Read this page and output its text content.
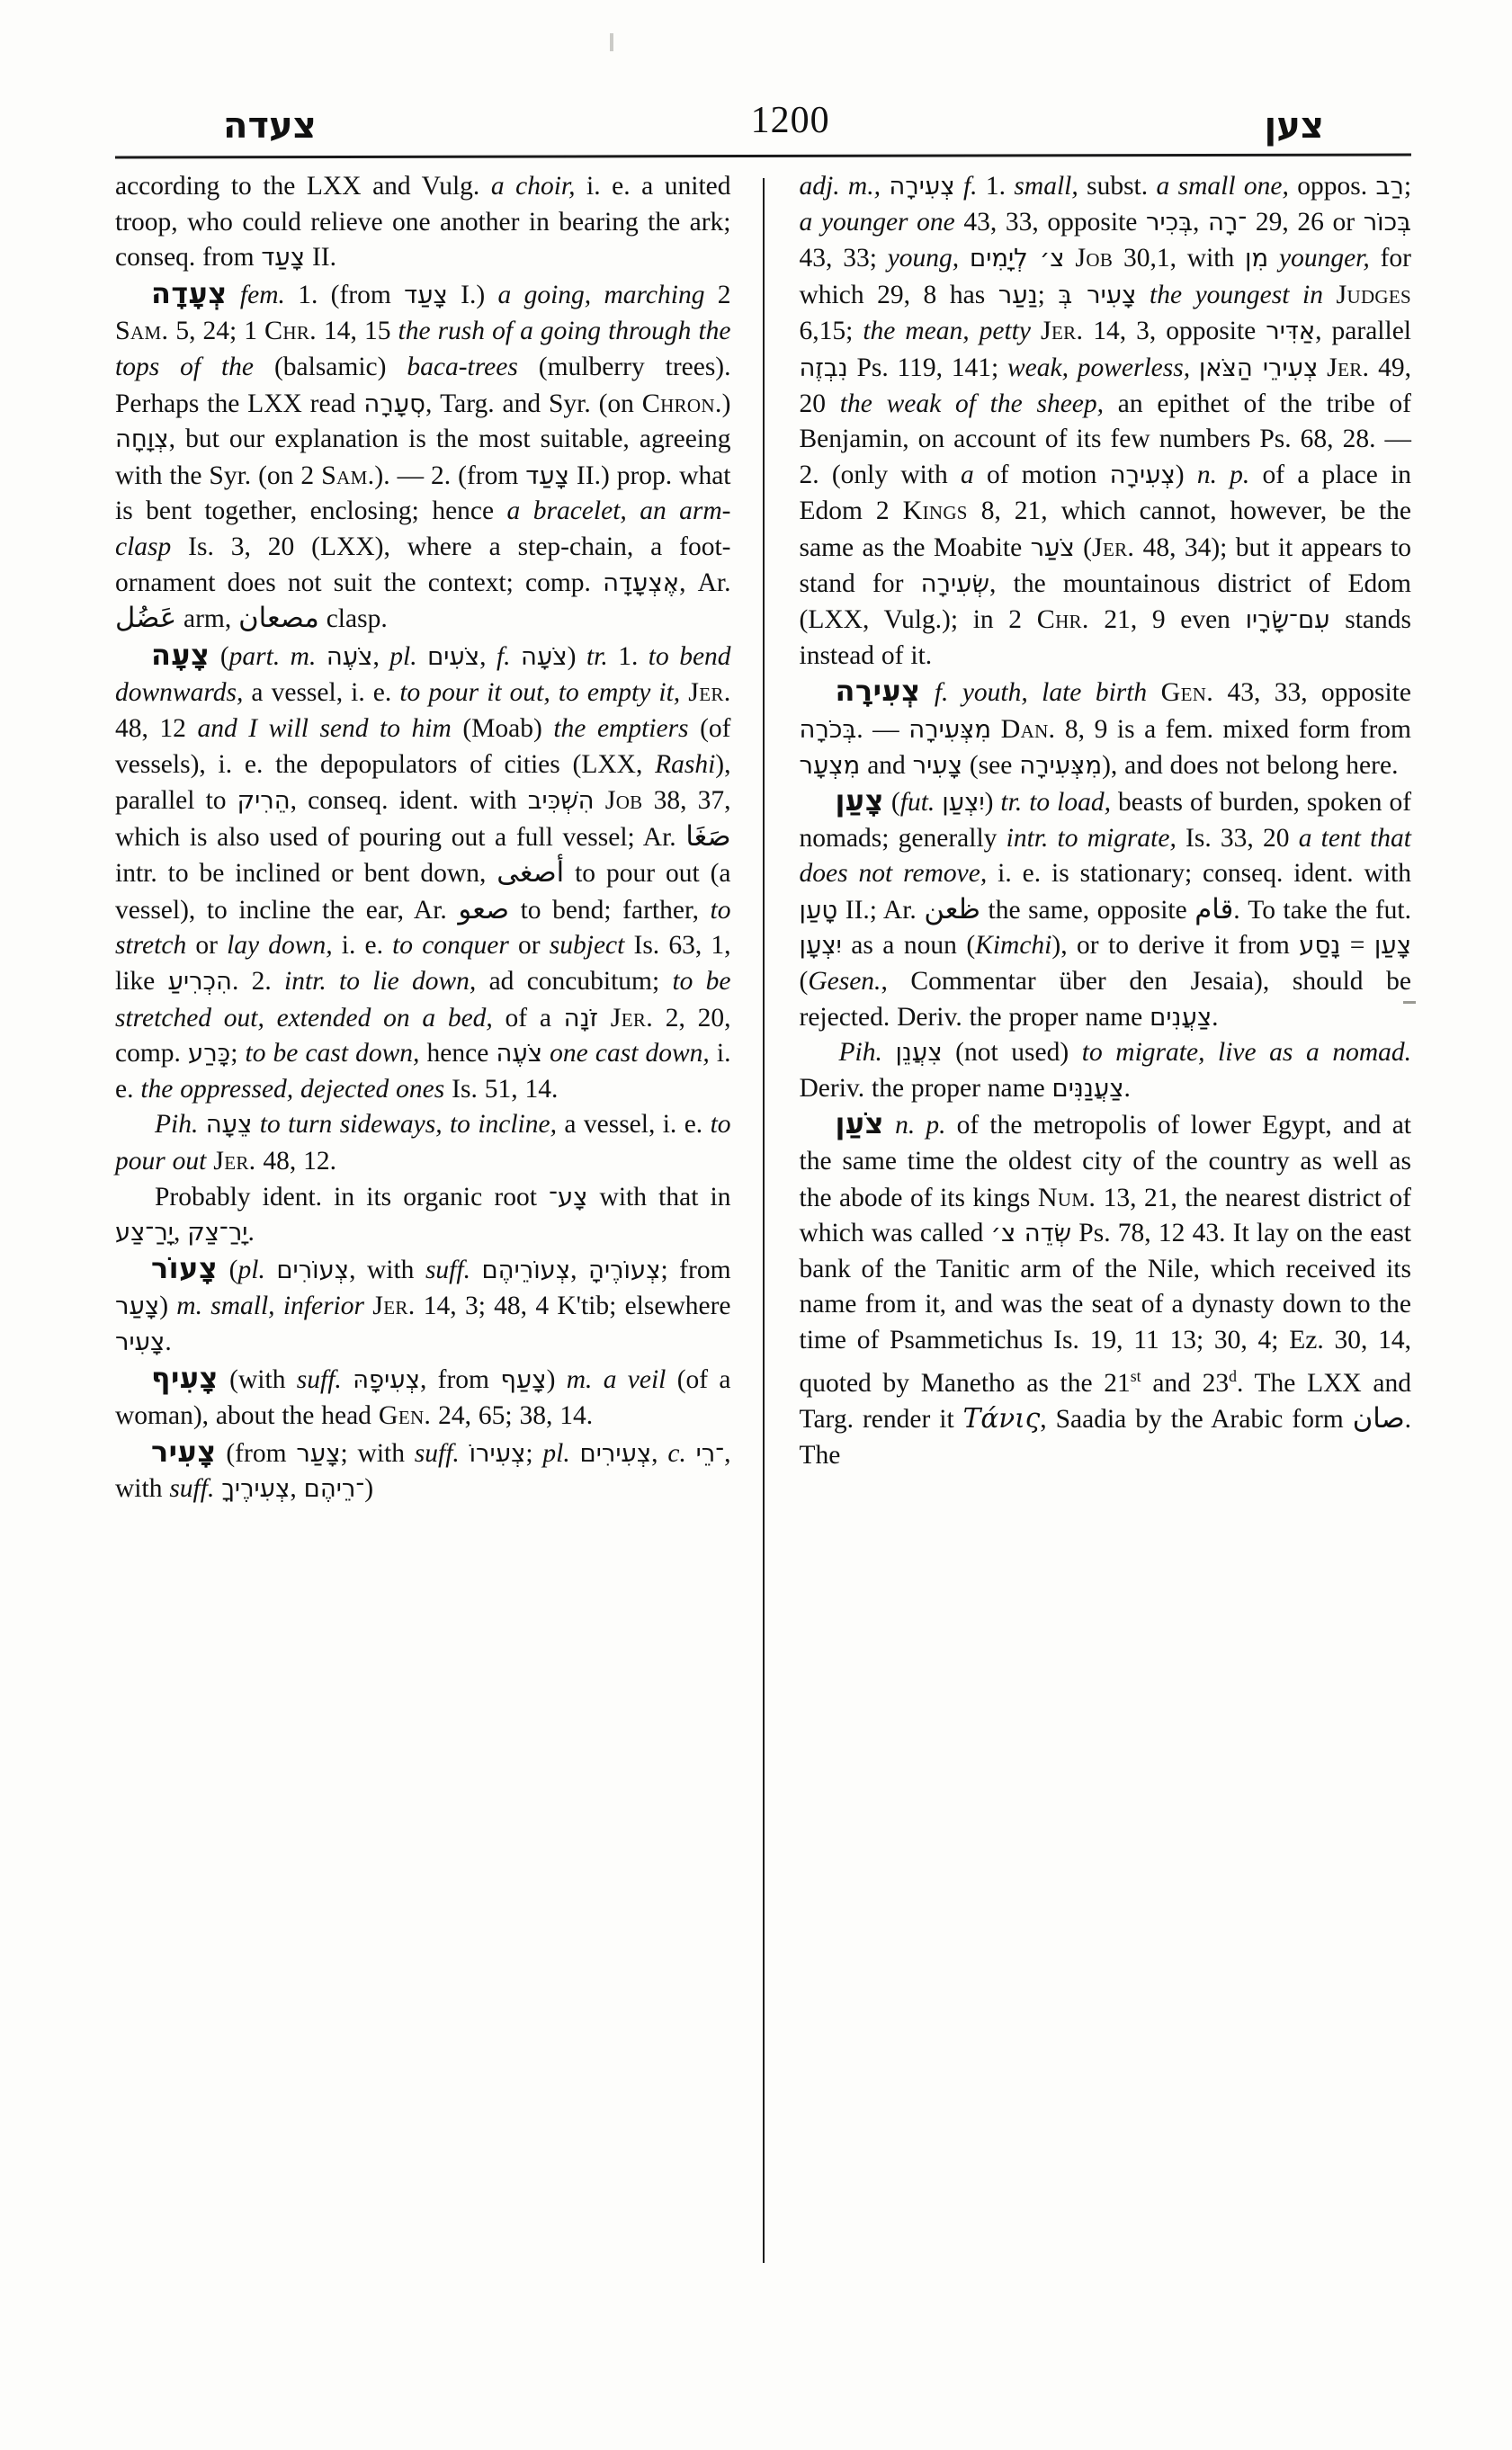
צעדה	1200	צען

according to the LXX and Vulg. a choir, i. e. a united troop, who could relieve one another in bearing the ark; conseq. from צָעַד II.

צְעָדָה fem. 1. (from צָעַד I.) a going, marching 2 Sam. 5, 24; 1 Chr. 14, 15 the rush of a going through the tops of the (balsamic) baca-trees (mulberry trees). Perhaps the LXX read סְעָרָה, Targ. and Syr. (on Chron.) צְוָחָה, but our explanation is the most suitable, agreeing with the Syr. (on 2 Sam.). — 2. (from צָעַד II.) prop. what is bent together, enclosing; hence a bracelet, an arm-clasp Is. 3, 20 (LXX), where a step-chain, a foot-ornament does not suit the context; comp. אֶצְעָדָה, Ar. عَضُل arm, مصعان clasp.

צָעָה (part. m. צֹעֶה, pl. צֹעִים, f. צֹעָה) tr. 1. to bend downwards, a vessel, i. e. to pour it out, to empty it, Jer. 48, 12 and I will send to him (Moab) the emptiers (of vessels), i. e. the depopulators of cities (LXX, Rashi), parallel to הֵרִיק, conseq. ident. with הִשְׁכִּיב Job 38, 37, which is also used of pouring out a full vessel; Ar. صَغَا intr. to be inclined or bent down, أصغى to pour out (a vessel), to incline the ear, Ar. صعو to bend; farther, to stretch or lay down, i. e. to conquer or subject Is. 63, 1, like הִכְרִיעַ. 2. intr. to lie down, ad concubitum; to be stretched out, extended on a bed, of a זֹנָה Jer. 2, 20, comp. כָּרַע; to be cast down, hence צֹעֶה one cast down, i. e. the oppressed, dejected ones Is. 51, 14.

Pih. צֵעָה to turn sideways, to incline, a vessel, i. e. to pour out Jer. 48, 12.

Probably ident. in its organic root צָע־ with that in יָרַ־צַע, יָרַ־צַק.

צָעוֹר (pl. צְעוֹרִים, with suff. צְעוֹרֵיהֶם, צְעוֹרֶיהָ; from צָעַר) m. small, inferior Jer. 14, 3; 48, 4 K'tib; elsewhere צָעִיר.

צָעִיף (with suff. צְעִיפָהּ, from צָעַף) m. a veil (of a woman), about the head Gen. 24, 65; 38, 14.

צָעִיר (from צָעַר; with suff. צְעִירוֹ; pl. צְעִירִים, c. ־רֵי, with suff. צְעִירֶיךָ, ־רֵיהֶם)

adj. m., צְעִירָה f. 1. small, subst. a small one, oppos. רַב; a younger one 43, 33, opposite בְּכִיר, ־רָה 29, 26 or בְּכוֹר 43, 33; young, צ׳ לְיָמִים Job 30,1, with מִן younger, for which 29, 8 has נַעַר; צָעִיר בְּ the youngest in Judges 6,15; the mean, petty Jer. 14, 3, opposite אַדִּיר, parallel נִבְזֶה Ps. 119, 141; weak, powerless, צְעִירֵי הַצֹּאן Jer. 49, 20 the weak of the sheep, an epithet of the tribe of Benjamin, on account of its few numbers Ps. 68, 28. — 2. (only with a of motion צְעִירָה) n. p. of a place in Edom 2 Kings 8, 21, which cannot, however, be the same as the Moabite צֹעַר (Jer. 48, 34); but it appears to stand for שְׂעִירָה, the mountainous district of Edom (LXX, Vulg.); in 2 Chr. 21, 9 even עִם־שָׂרָיו stands instead of it.

צְעִירָה f. youth, late birth Gen. 43, 33, opposite בְּכֹרָה. — מִצְּעִירָה Dan. 8, 9 is a fem. mixed form from מִצְעָר and צָעִיר (see מִצְּעִירָה), and does not belong here.

צָעַן (fut. יִצְעַן) tr. to load, beasts of burden, spoken of nomads; generally intr. to migrate, Is. 33, 20 a tent that does not remove, i. e. is stationary; conseq. ident. with טָעַן II.; Ar. ظعن the same, opposite قام. To take the fut. יִצְעָן as a noun (Kimchi), or to derive it from נָסַע = צָעַן (Gesen., Commentar über den Jesaia), should be rejected. Deriv. the proper name צַעֲנִים.

Pih. צִעֲנֵן (not used) to migrate, live as a nomad. Deriv. the proper name צַעֲנַנִּים.

צֹעַן n. p. of the metropolis of lower Egypt, and at the same time the oldest city of the country as well as the abode of its kings Num. 13, 21, the nearest district of which was called שְׂדֵה צ׳ Ps. 78, 12 43. It lay on the east bank of the Tanitic arm of the Nile, which received its name from it, and was the seat of a dynasty down to the time of Psammetichus Is. 19, 11 13; 30, 4; Ez. 30, 14, quoted by Manetho as the 21st and 23$^d$. The LXX and Targ. render it Τάνις, Saadia by the Arabic form صان. The
